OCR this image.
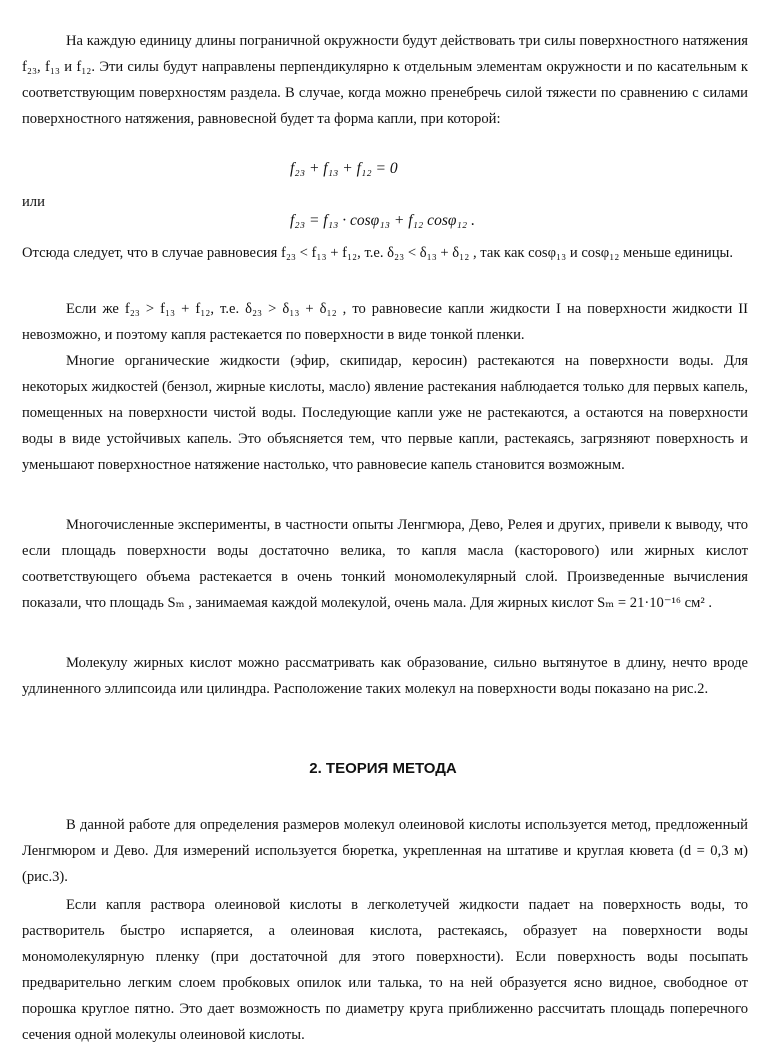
На каждую единицу длины пограничной окружности будут действовать три силы поверхностного натяжения f₂₃, f₁₃ и f₁₂. Эти силы будут направлены перпендикулярно к отдельным элементам окружности и по касательным к соответствующим поверхностям раздела. В случае, когда можно пренебречь силой тяжести по сравнению с силами поверхностного натяжения, равновесной будет та форма капли, при которой:

f₂₃ + f₁₃ + f₁₂ = 0
или
f₂₃ = f₁₃ · cosφ₁₃ + f₁₂ cosφ₁₂ .

Отсюда следует, что в случае равновесия f₂₃ < f₁₃ + f₁₂, т.е. δ₂₃ < δ₁₃ + δ₁₂ , так как cosφ₁₃ и cosφ₁₂ меньше единицы.

Если же f₂₃ > f₁₃ + f₁₂, т.е. δ₂₃ > δ₁₃ + δ₁₂ , то равновесие капли жидкости I на поверхности жидкости II невозможно, и поэтому капля растекается по поверхности в виде тонкой пленки.

Многие органические жидкости (эфир, скипидар, керосин) растекаются на поверхности воды. Для некоторых жидкостей (бензол, жирные кислоты, масло) явление растекания наблюдается только для первых капель, помещенных на поверхности чистой воды. Последующие капли уже не растекаются, а остаются на поверхности воды в виде устойчивых капель. Это объясняется тем, что первые капли, растекаясь, загрязняют поверхность и уменьшают поверхностное натяжение настолько, что равновесие капель становится возможным.

Многочисленные эксперименты, в частности опыты Ленгмюра, Дево, Релея и других, привели к выводу, что если площадь поверхности воды достаточно велика, то капля масла (касторового) или жирных кислот соответствующего объема растекается в очень тонкий мономолекулярный слой. Произведенные вычисления показали, что площадь Sₘ , занимаемая каждой молекулой, очень мала. Для жирных кислот Sₘ = 21·10⁻¹⁶ см² .

Молекулу жирных кислот можно рассматривать как образование, сильно вытянутое в длину, нечто вроде удлиненного эллипсоида или цилиндра. Расположение таких молекул на поверхности воды показано на рис.2.

2. ТЕОРИЯ МЕТОДА

В данной работе для определения размеров молекул олеиновой кислоты используется метод, предложенный Ленгмюром и Дево. Для измерений используется бюретка, укрепленная на штативе и круглая кювета (d = 0,3 м) (рис.3).

Если капля раствора олеиновой кислоты в легколетучей жидкости падает на поверхность воды, то растворитель быстро испаряется, а олеиновая кислота, растекаясь, образует на поверхности воды мономолекулярную пленку (при достаточной для этого поверхности). Если поверхность воды посыпать предварительно легким слоем пробковых опилок или талька, то на ней образуется ясно видное, свободное от порошка круглое пятно. Это дает возможность по диаметру круга приближенно рассчитать площадь поперечного сечения одной молекулы олеиновой кислоты.
